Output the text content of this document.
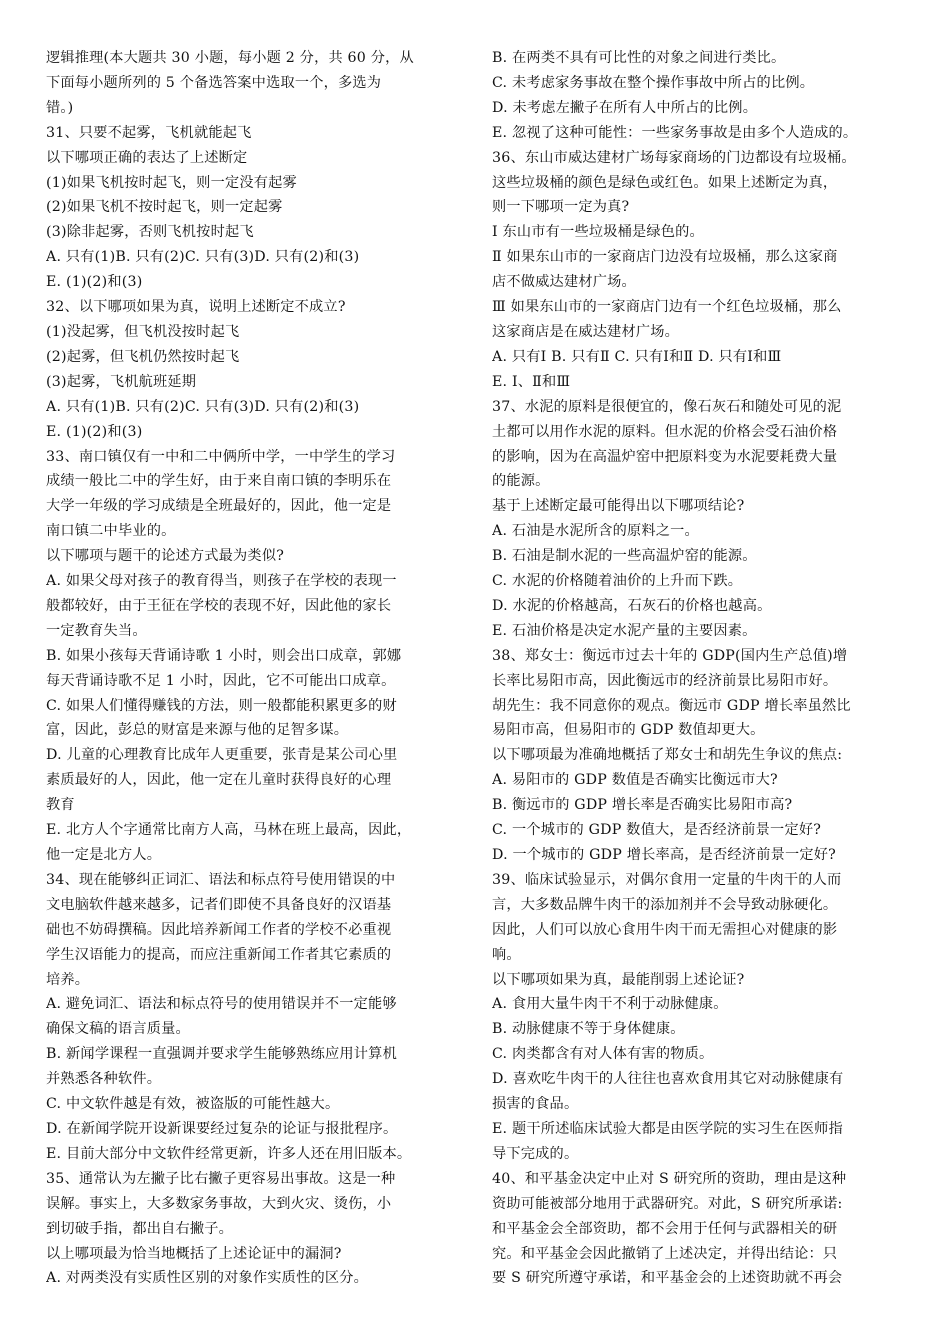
逻辑推理(本大题共 30 小题，每小题 2 分，共 60 分，从
下面每小题所列的 5 个备选答案中选取一个，多选为
错。)
31、只要不起雾，飞机就能起飞
以下哪项正确的表达了上述断定
(1)如果飞机按时起飞，则一定没有起雾
(2)如果飞机不按时起飞，则一定起雾
(3)除非起雾，否则飞机按时起飞
A. 只有(1)B. 只有(2)C. 只有(3)D. 只有(2)和(3)
E. (1)(2)和(3)
32、以下哪项如果为真，说明上述断定不成立?
(1)没起雾，但飞机没按时起飞
(2)起雾，但飞机仍然按时起飞
(3)起雾，飞机航班延期
A. 只有(1)B. 只有(2)C. 只有(3)D. 只有(2)和(3)
E. (1)(2)和(3)
33、南口镇仅有一中和二中俩所中学，一中学生的学习
成绩一般比二中的学生好，由于来自南口镇的李明乐在
大学一年级的学习成绩是全班最好的，因此，他一定是
南口镇二中毕业的。
以下哪项与题干的论述方式最为类似?
A. 如果父母对孩子的教育得当，则孩子在学校的表现一
般都较好，由于王征在学校的表现不好，因此他的家长
一定教育失当。
B. 如果小孩每天背诵诗歌 1 小时，则会出口成章，郭娜
每天背诵诗歌不足 1 小时，因此，它不可能出口成章。
C. 如果人们懂得赚钱的方法，则一般都能积累更多的财
富，因此，彭总的财富是来源与他的足智多谋。
D. 儿童的心理教育比成年人更重要，张青是某公司心里
素质最好的人，因此，他一定在儿童时获得良好的心理
教育
E. 北方人个字通常比南方人高，马林在班上最高，因此，
他一定是北方人。
34、现在能够纠正词汇、语法和标点符号使用错误的中
文电脑软件越来越多，记者们即使不具备良好的汉语基
础也不妨碍撰稿。因此培养新闻工作者的学校不必重视
学生汉语能力的提高，而应注重新闻工作者其它素质的
培养。
A. 避免词汇、语法和标点符号的使用错误并不一定能够
确保文稿的语言质量。
B. 新闻学课程一直强调并要求学生能够熟练应用计算机
并熟悉各种软件。
C. 中文软件越是有效，被盗版的可能性越大。
D. 在新闻学院开设新课要经过复杂的论证与报批程序。
E. 目前大部分中文软件经常更新，许多人还在用旧版本。
35、通常认为左撇子比右撇子更容易出事故。这是一种
误解。事实上，大多数家务事故，大到火灾、烫伤，小
到切破手指，都出自右撇子。
以上哪项最为恰当地概括了上述论证中的漏洞?
A. 对两类没有实质性区别的对象作实质性的区分。
B. 在两类不具有可比性的对象之间进行类比。
C. 未考虑家务事故在整个操作事故中所占的比例。
D. 未考虑左撇子在所有人中所占的比例。
E. 忽视了这种可能性：一些家务事故是由多个人造成的。
36、东山市威达建材广场每家商场的门边都设有垃圾桶。
这些垃圾桶的颜色是绿色或红色。如果上述断定为真，
则一下哪项一定为真?
Ⅰ 东山市有一些垃圾桶是绿色的。
Ⅱ 如果东山市的一家商店门边没有垃圾桶，那么这家商
店不做威达建材广场。
Ⅲ 如果东山市的一家商店门边有一个红色垃圾桶，那么
这家商店是在威达建材广场。
A. 只有Ⅰ B. 只有Ⅱ C. 只有Ⅰ和Ⅱ D. 只有Ⅰ和Ⅲ
E. Ⅰ、Ⅱ和Ⅲ
37、水泥的原料是很便宜的，像石灰石和随处可见的泥
土都可以用作水泥的原料。但水泥的价格会受石油价格
的影响，因为在高温炉窑中把原料变为水泥要耗费大量
的能源。
基于上述断定最可能得出以下哪项结论?
A. 石油是水泥所含的原料之一。
B. 石油是制水泥的一些高温炉窑的能源。
C. 水泥的价格随着油价的上升而下跌。
D. 水泥的价格越高，石灰石的价格也越高。
E. 石油价格是决定水泥产量的主要因素。
38、郑女士：衡远市过去十年的 GDP(国内生产总值)增
长率比易阳市高，因此衡远市的经济前景比易阳市好。
胡先生：我不同意你的观点。衡远市 GDP 增长率虽然比
易阳市高，但易阳市的 GDP 数值却更大。
以下哪项最为准确地概括了郑女士和胡先生争议的焦点:
A. 易阳市的 GDP 数值是否确实比衡远市大?
B. 衡远市的 GDP 增长率是否确实比易阳市高?
C. 一个城市的 GDP 数值大，是否经济前景一定好?
D. 一个城市的 GDP 增长率高，是否经济前景一定好?
39、临床试验显示，对偶尔食用一定量的牛肉干的人而
言，大多数品牌牛肉干的添加剂并不会导致动脉硬化。
因此，人们可以放心食用牛肉干而无需担心对健康的影
响。
以下哪项如果为真，最能削弱上述论证?
A. 食用大量牛肉干不利于动脉健康。
B. 动脉健康不等于身体健康。
C. 肉类都含有对人体有害的物质。
D. 喜欢吃牛肉干的人往往也喜欢食用其它对动脉健康有
损害的食品。
E. 题干所述临床试验大都是由医学院的实习生在医师指
导下完成的。
40、和平基金决定中止对 S 研究所的资助，理由是这种
资助可能被部分地用于武器研究。对此，S 研究所承诺:
和平基金会全部资助，都不会用于任何与武器相关的研
究。和平基金会因此撤销了上述决定，并得出结论：只
要 S 研究所遵守承诺，和平基金会的上述资助就不再会
